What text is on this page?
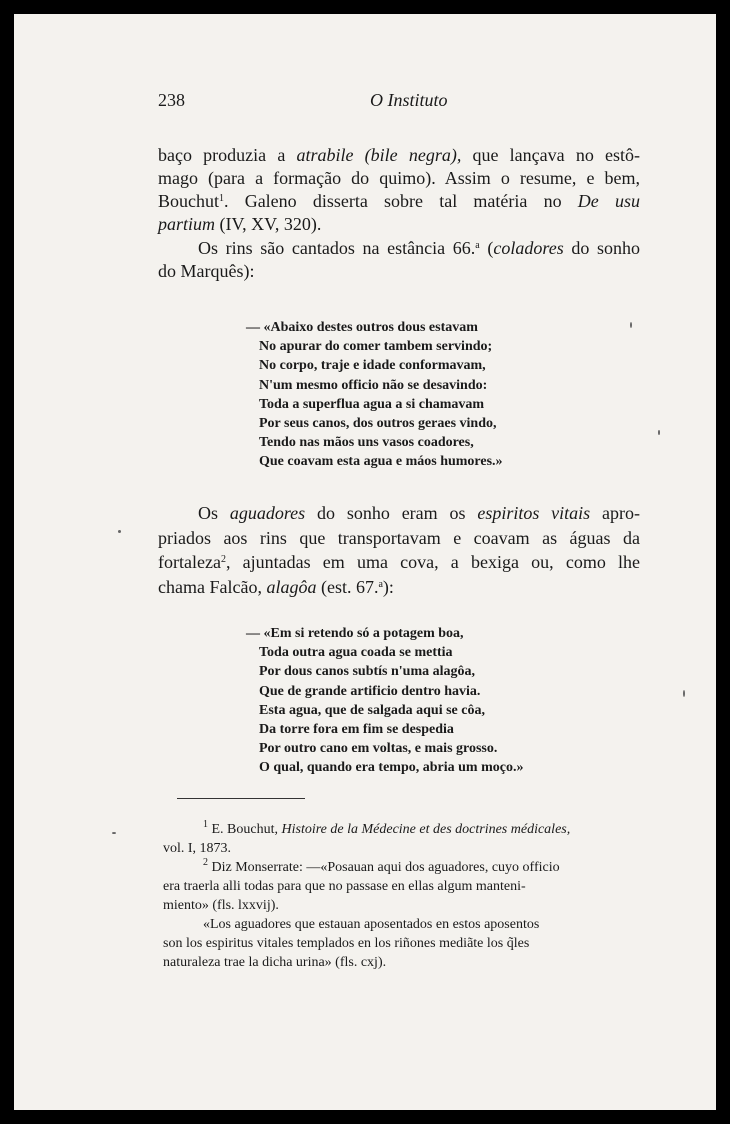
238	O Instituto
baço produzia a atrabile (bile negra), que lançava no estô-
mago (para a formação do quimo). Assim o resume, e bem,
Bouchut$^1$. Galeno disserta sobre tal matéria no De usu
partium (IV, XV, 320).
Os rins são cantados na estância 66.$^a$ (coladores do sonho
do Marquês):
— «Abaixo destes outros dous estavam
No apurar do comer tambem servindo;
No corpo, traje e idade conformavam,
N'um mesmo officio não se desavindo:
Toda a superflua agua a si chamavam
Por seus canos, dos outros geraes vindo,
Tendo nas mãos uns vasos coadores,
Que coavam esta agua e máos humores.»
Os aguadores do sonho eram os espiritos vitais apro-
priados aos rins que transportavam e coavam as águas da
fortaleza$^2$, ajuntadas em uma cova, a bexiga ou, como lhe
chama Falcão, alagôa (est. 67.$^a$):
— «Em si retendo só a potagem boa,
Toda outra agua coada se mettia
Por dous canos subtís n'uma alagôa,
Que de grande artificio dentro havia.
Esta agua, que de salgada aqui se côa,
Da torre fora em fim se despedia
Por outro cano em voltas, e mais grosso.
O qual, quando era tempo, abria um moço.»
$^1$ E. Bouchut, Histoire de la Médecine et des doctrines médicales,
vol. I, 1873.
$^2$ Diz Monserrate: —«Posauan aqui dos aguadores, cuyo officio
era traerla alli todas para que no passase en ellas algum manteni-
miento» (fls. lxxvij).
«Los aguadores que estauan aposentados en estos aposentos
son los espiritus vitales templados en los riñones mediãte los q̃les
naturaleza trae la dicha urina» (fls. cxj).
